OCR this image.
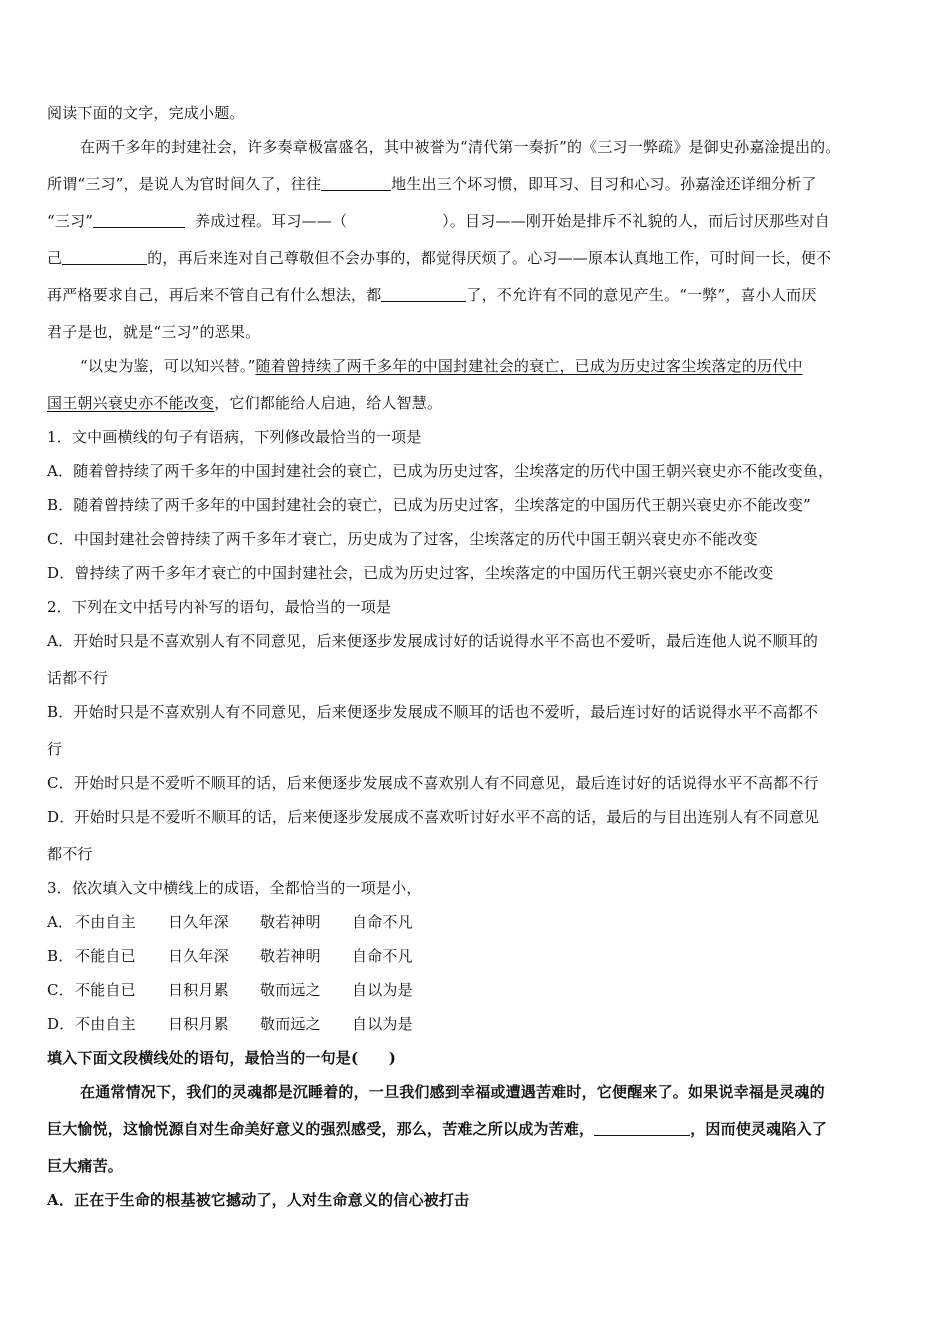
阅读下面的文字，完成小题。
在两千多年的封建社会，许多奏章极富盛名，其中被誉为“清代第一奏折”的《三习一弊疏》是御史孙嘉淦提出的。
所谓“三习”，是说人为官时间久了，往往	地生出三个坏习惯，即耳习、目习和心习。孙嘉淦还详细分析了
“三习”	养成过程。耳习——（	）。目习——刚开始是排斥不礼貌的人，而后讨厌那些对自
己	的，再后来连对自己尊敬但不会办事的，都觉得厌烦了。心习——原本认真地工作，可时间一长，便不
再严格要求自己，再后来不管自己有什么想法，都	了，不允许有不同的意见产生。“一弊”，喜小人而厌
君子是也，就是“三习”的恶果。
“以史为鉴，可以知兴替。”随着曾持续了两千多年的中国封建社会的衰亡，已成为历史过客尘埃落定的历代中
国王朝兴衰史亦不能改变，它们都能给人启迪，给人智慧。
1．文中画横线的句子有语病，下列修改最恰当的一项是
A．随着曾持续了两千多年的中国封建社会的衰亡，已成为历史过客，尘埃落定的历代中国王朝兴衰史亦不能改变鱼，
B．随着曾持续了两千多年的中国封建社会的衰亡，已成为历史过客，尘埃落定的中国历代王朝兴衰史亦不能改变”
C．中国封建社会曾持续了两千多年才衰亡，历史成为了过客，尘埃落定的历代中国王朝兴衰史亦不能改变
D．曾持续了两千多年才衰亡的中国封建社会，已成为历史过客，尘埃落定的中国历代王朝兴衰史亦不能改变
2．下列在文中括号内补写的语句，最恰当的一项是
A．开始时只是不喜欢别人有不同意见，后来便逐步发展成讨好的话说得水平不高也不爱听，最后连他人说不顺耳的
话都不行
B．开始时只是不喜欢别人有不同意见，后来便逐步发展成不顺耳的话也不爱听，最后连讨好的话说得水平不高都不
行
C．开始时只是不爱听不顺耳的话，后来便逐步发展成不喜欢别人有不同意见，最后连讨好的话说得水平不高都不行
D．开始时只是不爱听不顺耳的话，后来便逐步发展成不喜欢听讨好水平不高的话，最后的与目出连别人有不同意见
都不行
3．依次填入文中横线上的成语，全都恰当的一项是小，
A． 不由自主 日久年深 敬若神明 自命不凡
B． 不能自已 日久年深 敬若神明 自命不凡
C．不能自已 日积月累 敬而远之 自以为是
D．不由自主 日积月累 敬而远之 自以为是
填入下面文段横线处的语句，最恰当的一句是(　　)
在通常情况下，我们的灵魂都是沉睡着的，一旦我们感到幸福或遭遇苦难时，它便醒来了。如果说幸福是灵魂的
巨大愉悦，这愉悦源自对生命美好意义的强烈感受，那么，苦难之所以成为苦难，	，因而使灵魂陷入了
巨大痛苦。
A．正在于生命的根基被它撼动了，人对生命意义的信心被打击
